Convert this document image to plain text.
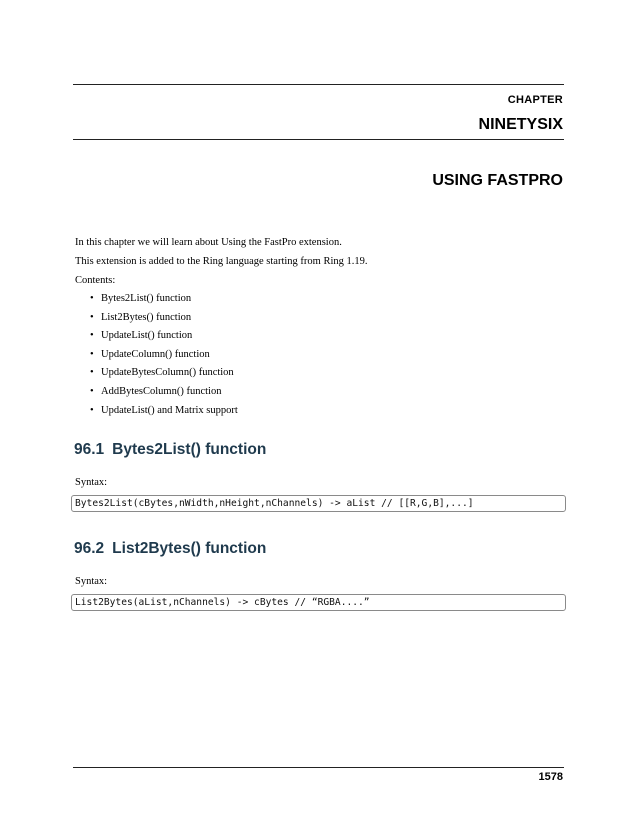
CHAPTER
NINETYSIX
USING FASTPRO
In this chapter we will learn about Using the FastPro extension.
This extension is added to the Ring language starting from Ring 1.19.
Contents:
• Bytes2List() function
• List2Bytes() function
• UpdateList() function
• UpdateColumn() function
• UpdateBytesColumn() function
• AddBytesColumn() function
• UpdateList() and Matrix support
96.1 Bytes2List() function
Syntax:
Bytes2List(cBytes,nWidth,nHeight,nChannels) -> aList // [[R,G,B],...]
96.2 List2Bytes() function
Syntax:
List2Bytes(aList,nChannels) -> cBytes // “RGBA....”
1578
